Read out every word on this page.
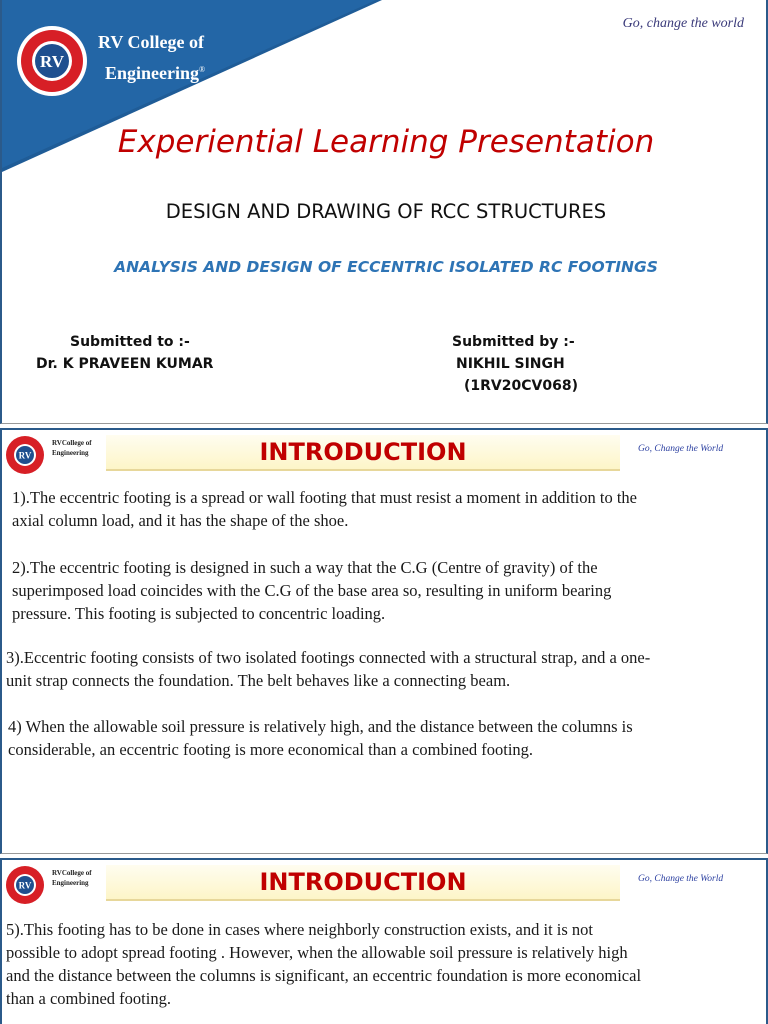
RV
RV College of
Engineering®
Go, change the world
Experiential Learning Presentation
DESIGN AND DRAWING OF RCC STRUCTURES
ANALYSIS AND DESIGN OF ECCENTRIC ISOLATED RC FOOTINGS
Submitted to :-
Dr. K PRAVEEN KUMAR
Submitted by :-
NIKHIL SINGH
(1RV20CV068)
RV
RVCollege of
Engineering	INTRODUCTION	Go, Change the World
1).The eccentric footing is a spread or wall footing that must resist a moment in addition to the
axial column load, and it has the shape of the shoe.
2).The eccentric footing is designed in such a way that the C.G (Centre of gravity) of the
superimposed load coincides with the C.G of the base area so, resulting in uniform bearing
pressure. This footing is subjected to concentric loading.
3).Eccentric footing consists of two isolated footings connected with a structural strap, and a one-
unit strap connects the foundation. The belt behaves like a connecting beam.
4) When the allowable soil pressure is relatively high, and the distance between the columns is
considerable, an eccentric footing is more economical than a combined footing.
RV
RVCollege of
Engineering	INTRODUCTION	Go, Change the World
5).This footing has to be done in cases where neighborly construction exists, and it is not
possible to adopt spread footing . However, when the allowable soil pressure is relatively high
and the distance between the columns is significant, an eccentric foundation is more economical
than a combined footing.
